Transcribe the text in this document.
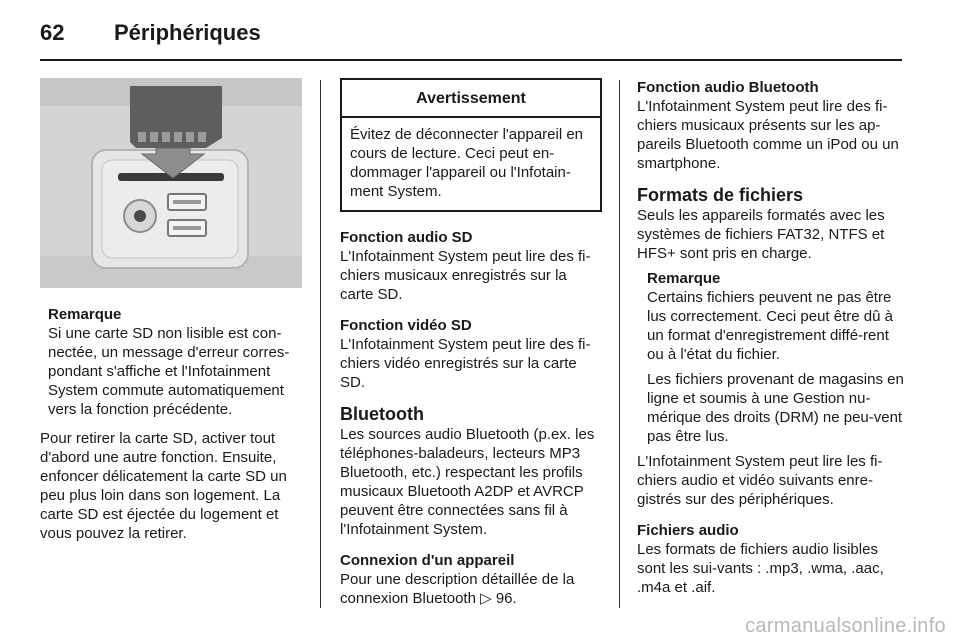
62	Périphériques
Remarque
Si une carte SD non lisible est con-nectée, un message d'erreur corres-pondant s'affiche et l'Infotainment System commute automatiquement vers la fonction précédente.

Pour retirer la carte SD, activer tout d'abord une autre fonction. Ensuite, enfoncer délicatement la carte SD un peu plus loin dans son logement. La carte SD est éjectée du logement et vous pouvez la retirer.

Avertissement
Évitez de déconnecter l'appareil en cours de lecture. Ceci peut en-dommager l'appareil ou l'Infotain-ment System.
Fonction audio SD
L'Infotainment System peut lire des fi-chiers musicaux enregistrés sur la carte SD.
Fonction vidéo SD
L'Infotainment System peut lire des fi-chiers vidéo enregistrés sur la carte SD.
Bluetooth
Les sources audio Bluetooth (p.ex. les téléphones-baladeurs, lecteurs MP3 Bluetooth, etc.) respectant les profils musicaux Bluetooth A2DP et AVRCP peuvent être connectées sans fil à l'Infotainment System.
Connexion d'un appareil
Pour une description détaillée de la connexion Bluetooth ▷ 96.
Fonction audio Bluetooth
L'Infotainment System peut lire des fi-chiers musicaux présents sur les ap-pareils Bluetooth comme un iPod ou un smartphone.
Formats de fichiers
Seuls les appareils formatés avec les systèmes de fichiers FAT32, NTFS et HFS+ sont pris en charge.
Remarque

Certains fichiers peuvent ne pas être lus correctement. Ceci peut être dû à un format d'enregistrement diffé-rent ou à l'état du fichier.

Les fichiers provenant de magasins en ligne et soumis à une Gestion nu-mérique des droits (DRM) ne peu-vent pas être lus.

L'Infotainment System peut lire les fi-chiers audio et vidéo suivants enre-gistrés sur des périphériques.
Fichiers audio
Les formats de fichiers audio lisibles sont les sui-vants : .mp3, .wma, .aac, .m4a et .aif.
carmanualsonline.info
